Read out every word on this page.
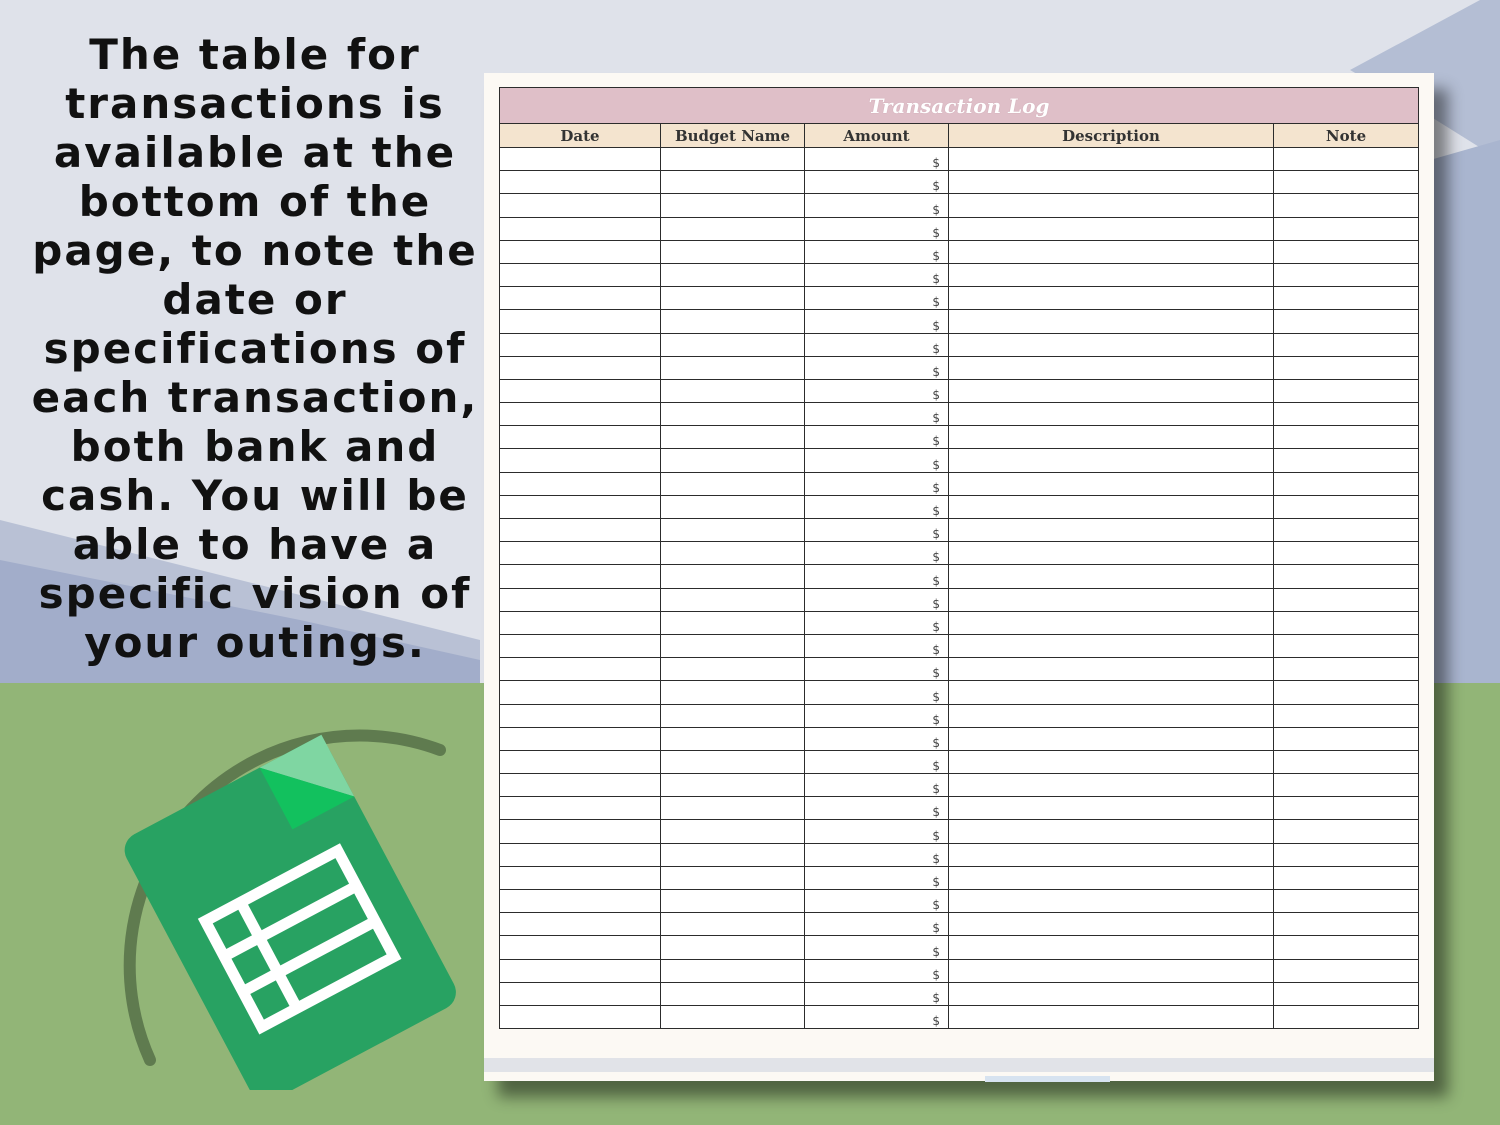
The table for transactions is available at the bottom of the page, to note the date or specifications of each transaction, both bank and cash. You will be able to have a specific vision of your outings.
Transaction Log				
Date	Budget Name	Amount	Description	Note
		$		
		$		
		$		
		$		
		$		
		$		
		$		
		$		
		$		
		$		
		$		
		$		
		$		
		$		
		$		
		$		
		$		
		$		
		$		
		$		
		$		
		$		
		$		
		$		
		$		
		$		
		$		
		$		
		$		
		$		
		$		
		$		
		$		
		$		
		$		
		$		
		$		
		$		
